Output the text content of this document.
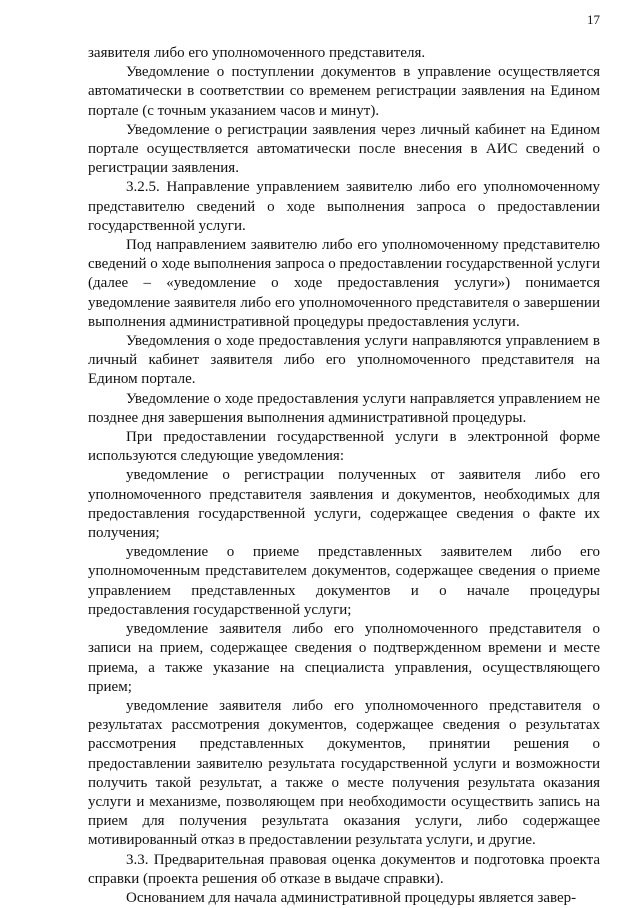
17

заявителя либо его уполномоченного представителя.

Уведомление о поступлении документов в управление осуществляется автоматически в соответствии со временем регистрации заявления на Едином портале (с точным указанием часов и минут).

Уведомление о регистрации заявления через личный кабинет на Едином портале осуществляется автоматически после внесения в АИС сведений о регистрации заявления.

3.2.5. Направление управлением заявителю либо его уполномоченному представителю сведений о ходе выполнения запроса о предоставлении государственной услуги.

Под направлением заявителю либо его уполномоченному представителю сведений о ходе выполнения запроса о предоставлении государственной услуги (далее – «уведомление о ходе предоставления услуги») понимается уведомление заявителя либо его уполномоченного представителя о завершении выполнения административной процедуры предоставления услуги.

Уведомления о ходе предоставления услуги направляются управлением в личный кабинет заявителя либо его уполномоченного представителя на Едином портале.

Уведомление о ходе предоставления услуги направляется управлением не позднее дня завершения выполнения административной процедуры.

При предоставлении государственной услуги в электронной форме используются следующие уведомления:

уведомление о регистрации полученных от заявителя либо его уполномоченного представителя заявления и документов, необходимых для предоставления государственной услуги, содержащее сведения о факте их получения;

уведомление о приеме представленных заявителем либо его уполномоченным представителем документов, содержащее сведения о приеме управлением представленных документов и о начале процедуры предоставления государственной услуги;

уведомление заявителя либо его уполномоченного представителя о записи на прием, содержащее сведения о подтвержденном времени и месте приема, а также указание на специалиста управления, осуществляющего прием;

уведомление заявителя либо его уполномоченного представителя о результатах рассмотрения документов, содержащее сведения о результатах рассмотрения представленных документов, принятии решения о предоставлении заявителю результата государственной услуги и возможности получить такой результат, а также о месте получения результата оказания услуги и механизме, позволяющем при необходимости осуществить запись на прием для получения результата оказания услуги, либо содержащее мотивированный отказ в предоставлении результата услуги, и другие.

3.3. Предварительная правовая оценка документов и подготовка проекта справки (проекта решения об отказе в выдаче справки).

Основанием для начала административной процедуры является завер-
